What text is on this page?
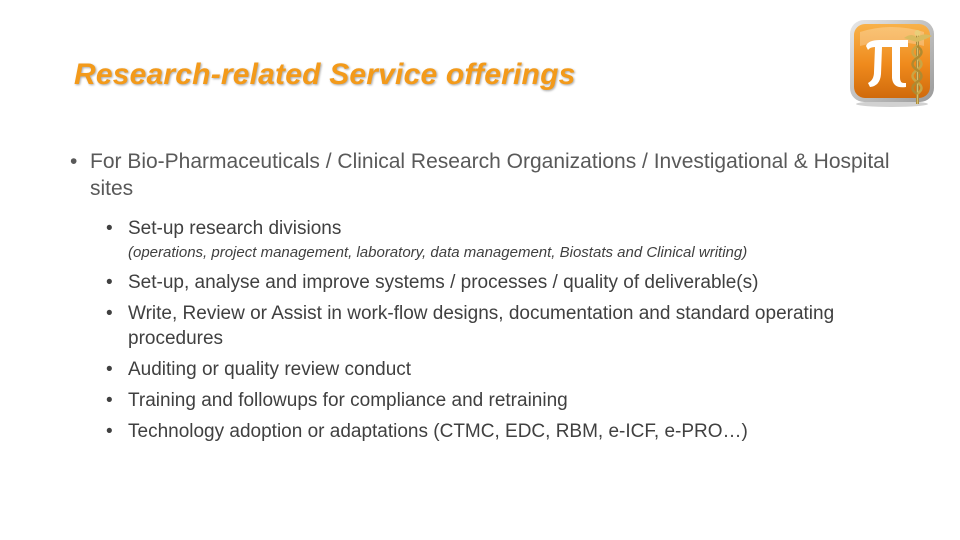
Research-related Service offerings
• For Bio-Pharmaceuticals / Clinical Research Organizations / Investigational & Hospital sites
• Set-up research divisions
(operations, project management, laboratory, data management, Biostats and Clinical writing)
• Set-up, analyse and improve systems / processes / quality of deliverable(s)
• Write, Review or Assist in work-flow designs, documentation and standard operating procedures
• Auditing or quality review conduct
• Training and followups for compliance and retraining
• Technology adoption or adaptations (CTMC, EDC, RBM, e-ICF, e-PRO…)
